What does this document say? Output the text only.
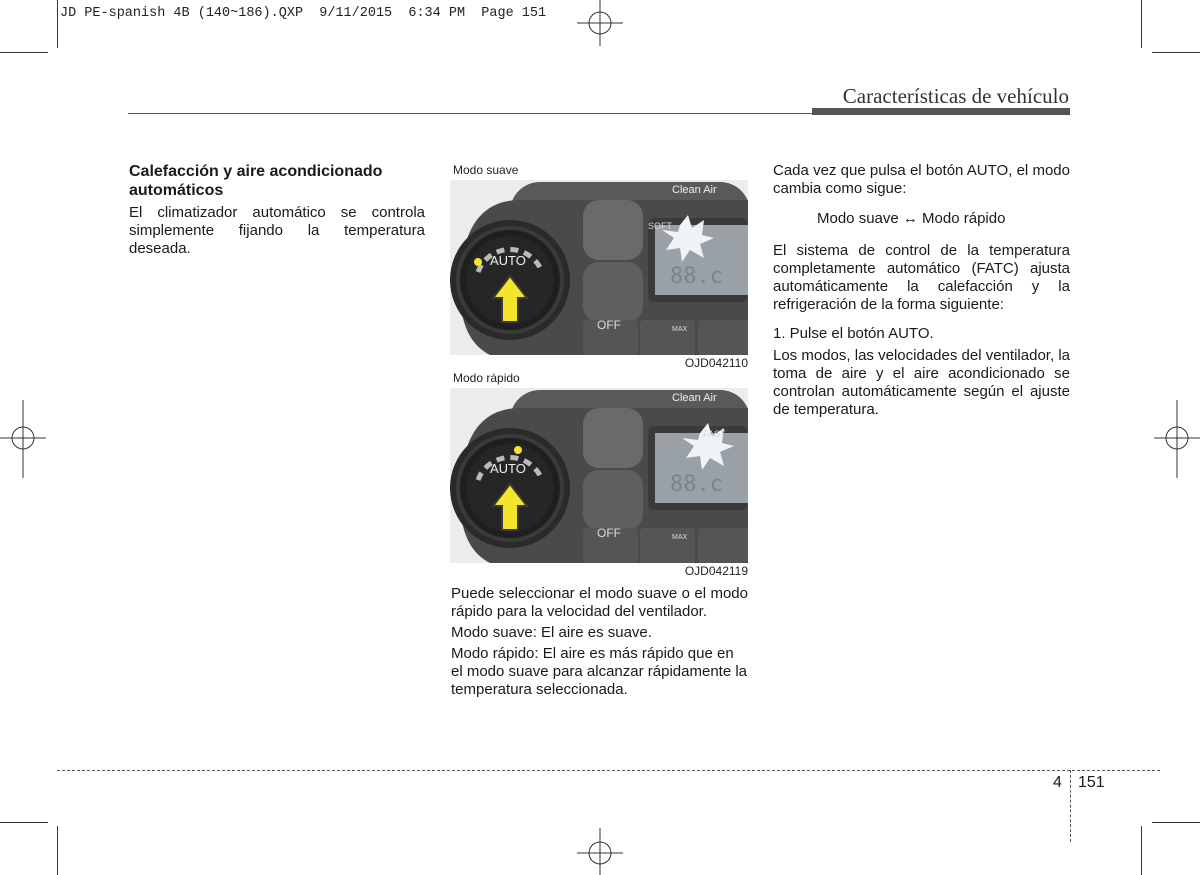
JD PE-spanish 4B (140~186).QXP  9/11/2015  6:34 PM  Page 151
Características de vehículo
Calefacción y aire acondicionado
automáticos

El climatizador automático se controla simplemente fijando la temperatura deseada.

Modo suave
88.c
Clean Air
SOFT
AUTO
OFF	MAX
OJD042110
Modo rápido
88.c
Clean Air
FAST
AUTO
OFF	MAX
OJD042119

Puede seleccionar el modo suave o el modo rápido para la velocidad del ventilador.

Modo suave: El aire es suave.

Modo rápido: El aire es más rápido que en el modo suave para alcanzar rápidamente la temperatura seleccionada.

Cada vez que pulsa el botón AUTO, el modo cambia como sigue:

Modo suave ↔ Modo rápido

El sistema de control de la temperatura completamente automático (FATC) ajusta automáticamente la calefacción y la refrigeración de la forma siguiente:

1. Pulse el botón AUTO.

Los modos, las velocidades del ventilador, la toma de aire y el aire acondicionado se controlan automáticamente según el ajuste de temperatura.

4 151
